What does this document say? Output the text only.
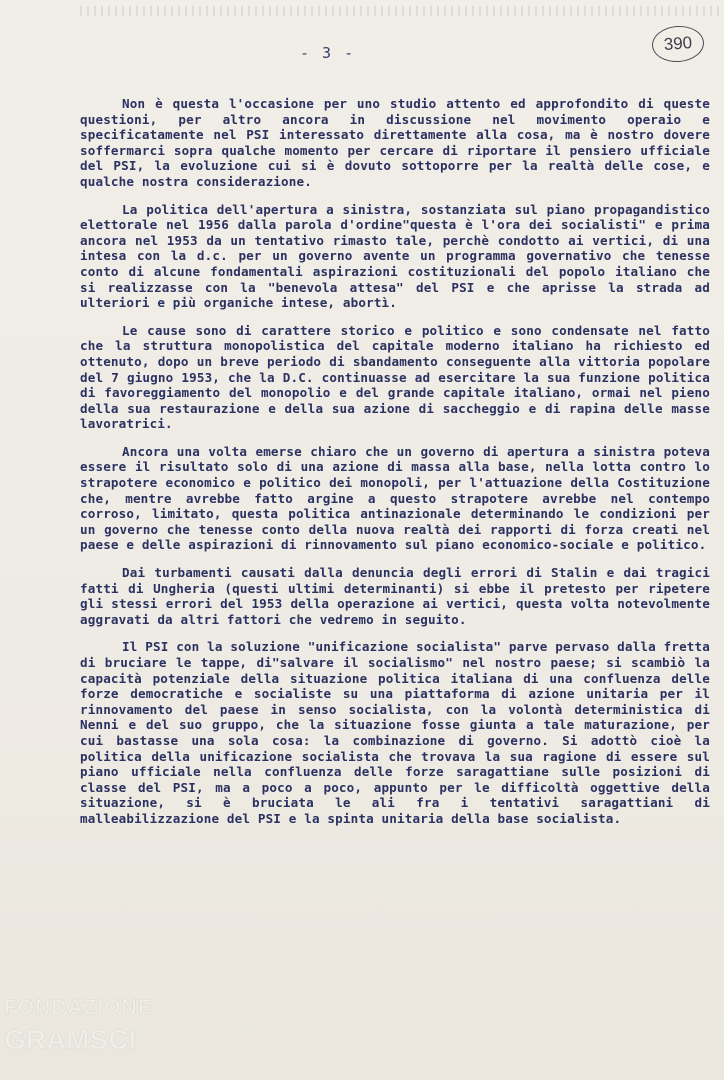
- 3 -	390

Non è questa l'occasione per uno studio attento ed approfondito di queste questioni, per altro ancora in discussione nel movimento operaio e specificatamente nel PSI interessato direttamente alla cosa, ma è nostro dovere soffermarci sopra qualche momento per cercare di riportare il pensiero ufficiale del PSI, la evoluzione cui si è dovuto sottoporre per la realtà delle cose, e qualche nostra considerazione.

La politica dell'apertura a sinistra, sostanziata sul piano propagandistico elettorale nel 1956 dalla parola d'ordine"questa è l'ora dei socialisti" e prima ancora nel 1953 da un tentativo rimasto tale, perchè condotto ai vertici, di una intesa con la d.c. per un governo avente un programma governativo che tenesse conto di alcune fondamentali aspirazioni costituzionali del popolo italiano che si realizzasse con la "benevola attesa" del PSI e che aprisse la strada ad ulteriori e più organiche intese, abortì.

Le cause sono di carattere storico e politico e sono condensate nel fatto che la struttura monopolistica del capitale moderno italiano ha richiesto ed ottenuto, dopo un breve periodo di sbandamento conseguente alla vittoria popolare del 7 giugno 1953, che la D.C. continuasse ad esercitare la sua funzione politica di favoreggiamento del monopolio e del grande capitale italiano, ormai nel pieno della sua restaurazione e della sua azione di saccheggio e di rapina delle masse lavoratrici.

Ancora una volta emerse chiaro che un governo di apertura a sinistra poteva essere il risultato solo di una azione di massa alla base, nella lotta contro lo strapotere economico e politico dei monopoli, per l'attuazione della Costituzione che, mentre avrebbe fatto argine a questo strapotere avrebbe nel contempo corroso, limitato, questa politica antinazionale determinando le condizioni per un governo che tenesse conto della nuova realtà dei rapporti di forza creati nel paese e delle aspirazioni di rinnovamento sul piano economico-sociale e politico.

Dai turbamenti causati dalla denuncia degli errori di Stalin e dai tragici fatti di Ungheria (questi ultimi determinanti) si ebbe il pretesto per ripetere gli stessi errori del 1953 della operazione ai vertici, questa volta notevolmente aggravati da altri fattori che vedremo in seguito.

Il PSI con la soluzione "unificazione socialista" parve pervaso dalla fretta di bruciare le tappe, di"salvare il socialismo" nel nostro paese; si scambiò la capacità potenziale della situazione politica italiana di una confluenza delle forze democratiche e socialiste su una piattaforma di azione unitaria per il rinnovamento del paese in senso socialista, con la volontà deterministica di Nenni e del suo gruppo, che la situazione fosse giunta a tale maturazione, per cui bastasse una sola cosa: la combinazione di governo. Si adottò cioè la politica della unificazione socialista che trovava la sua ragione di essere sul piano ufficiale nella confluenza delle forze saragattiane sulle posizioni di classe del PSI, ma a poco a poco, appunto per le difficoltà oggettive della situazione, si è bruciata le ali fra i tentativi saragattiani di malleabilizzazione del PSI e la spinta unitaria della base socialista.

FONDAZIONE
GRAMSCI
